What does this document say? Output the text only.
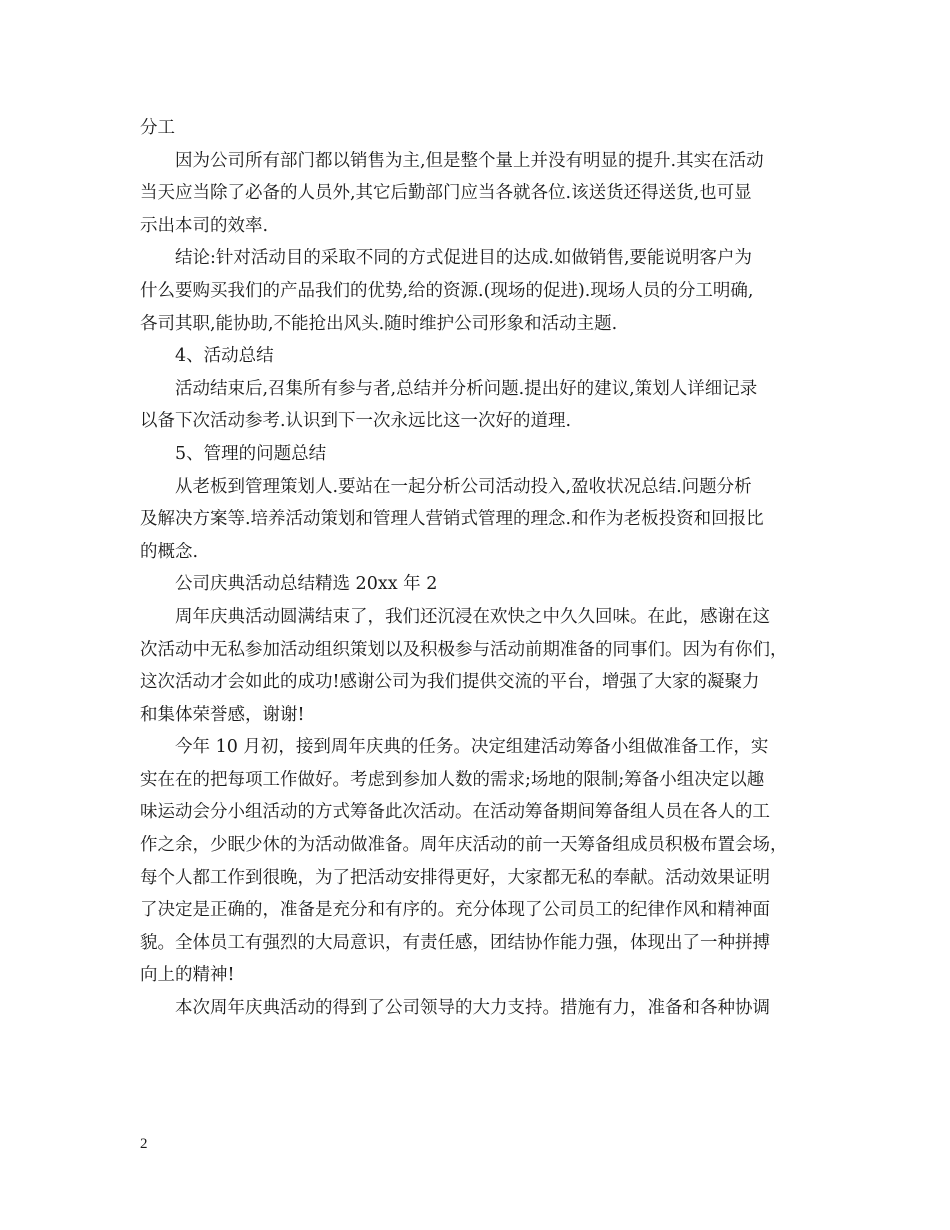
分工
因为公司所有部门都以销售为主,但是整个量上并没有明显的提升.其实在活动
当天应当除了必备的人员外,其它后勤部门应当各就各位.该送货还得送货,也可显
示出本司的效率.
结论:针对活动目的采取不同的方式促进目的达成.如做销售,要能说明客户为
什么要购买我们的产品我们的优势,给的资源.(现场的促进).现场人员的分工明确,
各司其职,能协助,不能抢出风头.随时维护公司形象和活动主题.
4、活动总结
活动结束后,召集所有参与者,总结并分析问题.提出好的建议,策划人详细记录
以备下次活动参考.认识到下一次永远比这一次好的道理.
5、管理的问题总结
从老板到管理策划人.要站在一起分析公司活动投入,盈收状况总结.问题分析
及解决方案等.培养活动策划和管理人营销式管理的理念.和作为老板投资和回报比
的概念.
公司庆典活动总结精选 20xx 年 2
周年庆典活动圆满结束了，我们还沉浸在欢快之中久久回味。在此，感谢在这
次活动中无私参加活动组织策划以及积极参与活动前期准备的同事们。因为有你们，
这次活动才会如此的成功!感谢公司为我们提供交流的平台，增强了大家的凝聚力
和集体荣誉感，谢谢!
今年 10 月初，接到周年庆典的任务。决定组建活动筹备小组做准备工作，实
实在在的把每项工作做好。考虑到参加人数的需求;场地的限制;筹备小组决定以趣
味运动会分小组活动的方式筹备此次活动。在活动筹备期间筹备组人员在各人的工
作之余，少眠少休的为活动做准备。周年庆活动的前一天筹备组成员积极布置会场，
每个人都工作到很晚，为了把活动安排得更好，大家都无私的奉献。活动效果证明
了决定是正确的，准备是充分和有序的。充分体现了公司员工的纪律作风和精神面
貌。全体员工有强烈的大局意识，有责任感，团结协作能力强，体现出了一种拼搏
向上的精神!
本次周年庆典活动的得到了公司领导的大力支持。措施有力，准备和各种协调
2
